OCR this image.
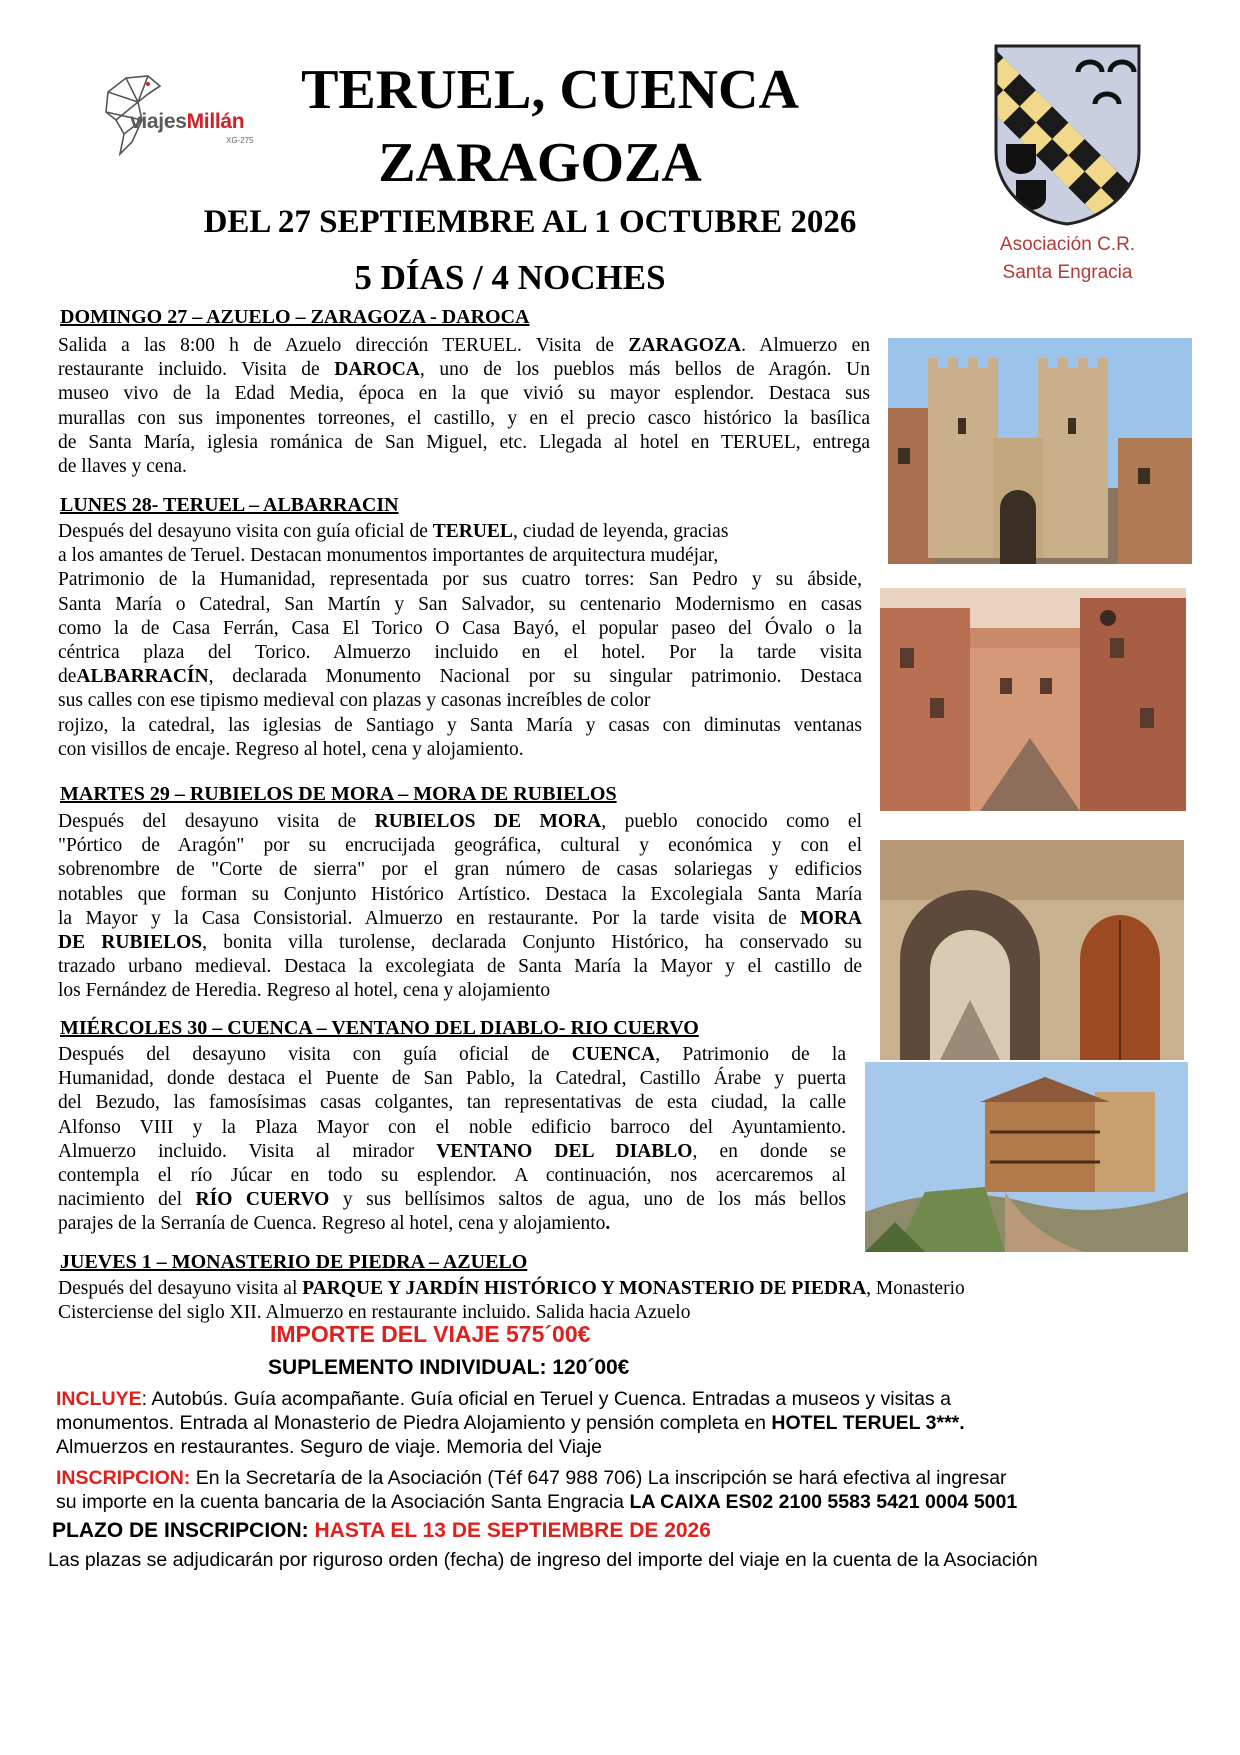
viajesMillán
XG-275
TERUEL, CUENCA
ZARAGOZA
DEL 27 SEPTIEMBRE AL 1 OCTUBRE 2026
5 DÍAS / 4 NOCHES
Asociación C.R.
Santa Engracia
DOMINGO 27 – AZUELO – ZARAGOZA - DAROCA
Salida a las 8:00 h de Azuelo dirección TERUEL. Visita de ZARAGOZA. Almuerzo en
restaurante incluido. Visita de DAROCA, uno de los pueblos más bellos de Aragón. Un
museo vivo de la Edad Media, época en la que vivió su mayor esplendor. Destaca sus
murallas con sus imponentes torreones, el castillo, y en el precio casco histórico la basílica
de Santa María, iglesia románica de San Miguel, etc. Llegada al hotel en TERUEL, entrega
de llaves y cena.
LUNES 28- TERUEL – ALBARRACIN
Después del desayuno visita con guía oficial de TERUEL, ciudad de leyenda, gracias
a los amantes de Teruel. Destacan monumentos importantes de arquitectura mudéjar,
Patrimonio de la Humanidad, representada por sus cuatro torres: San Pedro y su ábside,
Santa María o Catedral, San Martín y San Salvador, su centenario Modernismo en casas
como la de Casa Ferrán, Casa El Torico O Casa Bayó, el popular paseo del Óvalo o la
céntrica plaza del Torico. Almuerzo incluido en el hotel. Por la tarde visita
deALBARRACÍN, declarada Monumento Nacional por su singular patrimonio. Destaca
sus calles con ese tipismo medieval con plazas y casonas increíbles de color
rojizo, la catedral, las iglesias de Santiago y Santa María y casas con diminutas ventanas
con visillos de encaje. Regreso al hotel, cena y alojamiento.
MARTES 29 – RUBIELOS DE MORA – MORA DE RUBIELOS
Después del desayuno visita de RUBIELOS DE MORA, pueblo conocido como el
"Pórtico de Aragón" por su encrucijada geográfica, cultural y económica y con el
sobrenombre de "Corte de sierra" por el gran número de casas solariegas y edificios
notables que forman su Conjunto Histórico Artístico. Destaca la Excolegiala Santa María
la Mayor y la Casa Consistorial. Almuerzo en restaurante. Por la tarde visita de MORA
DE RUBIELOS, bonita villa turolense, declarada Conjunto Histórico, ha conservado su
trazado urbano medieval. Destaca la excolegiata de Santa María la Mayor y el castillo de
los Fernández de Heredia. Regreso al hotel, cena y alojamiento
MIÉRCOLES 30 – CUENCA – VENTANO DEL DIABLO- RIO CUERVO
Después del desayuno visita con guía oficial de CUENCA, Patrimonio de la
Humanidad, donde destaca el Puente de San Pablo, la Catedral, Castillo Árabe y puerta
del Bezudo, las famosísimas casas colgantes, tan representativas de esta ciudad, la calle
Alfonso VIII y la Plaza Mayor con el noble edificio barroco del Ayuntamiento.
Almuerzo incluido. Visita al mirador VENTANO DEL DIABLO, en donde se
contempla el río Júcar en todo su esplendor. A continuación, nos acercaremos al
nacimiento del RÍO CUERVO y sus bellísimos saltos de agua, uno de los más bellos
parajes de la Serranía de Cuenca. Regreso al hotel, cena y alojamiento.
JUEVES 1 – MONASTERIO DE PIEDRA – AZUELO
Después del desayuno visita al PARQUE Y JARDÍN HISTÓRICO Y MONASTERIO DE PIEDRA, Monasterio
Cisterciense del siglo XII. Almuerzo en restaurante incluido. Salida hacia Azuelo
IMPORTE DEL VIAJE 575´00€
SUPLEMENTO INDIVIDUAL: 120´00€
INCLUYE: Autobús. Guía acompañante. Guía oficial en Teruel y Cuenca. Entradas a museos y visitas a
monumentos. Entrada al Monasterio de Piedra Alojamiento y pensión completa en HOTEL TERUEL 3***.
Almuerzos en restaurantes. Seguro de viaje. Memoria del Viaje
INSCRIPCION: En la Secretaría de la Asociación (Téf 647 988 706) La inscripción se hará efectiva al ingresar
su importe en la cuenta bancaria de la Asociación Santa Engracia LA CAIXA ES02 2100 5583 5421 0004 5001
PLAZO DE INSCRIPCION: HASTA EL 13 DE SEPTIEMBRE DE 2026
Las plazas se adjudicarán por riguroso orden (fecha) de ingreso del importe del viaje en la cuenta de la Asociación
